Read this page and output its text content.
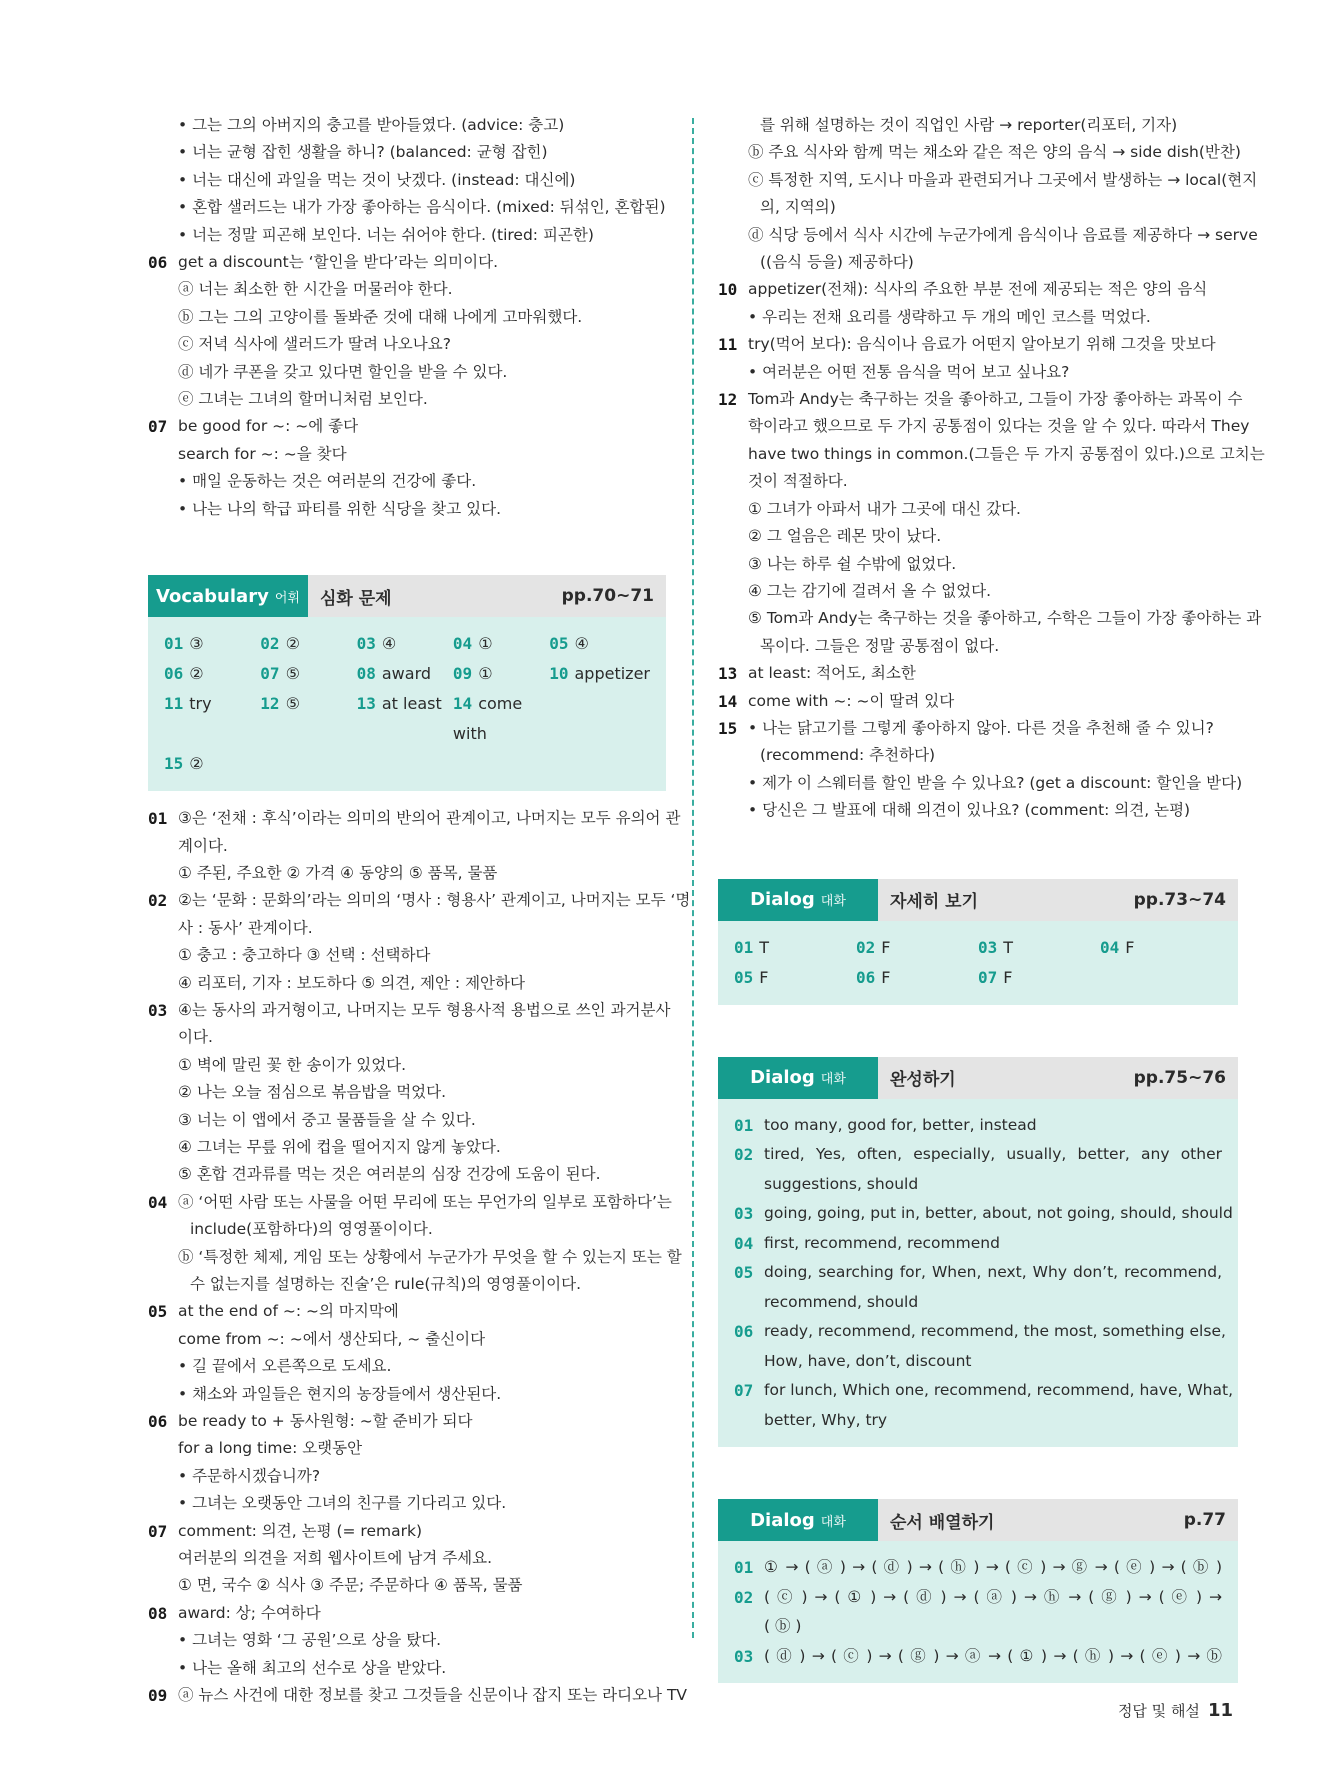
• 그는 그의 아버지의 충고를 받아들였다. (advice: 충고)
• 너는 균형 잡힌 생활을 하니? (balanced: 균형 잡힌)
• 너는 대신에 과일을 먹는 것이 낫겠다. (instead: 대신에)
• 혼합 샐러드는 내가 가장 좋아하는 음식이다. (mixed: 뒤섞인, 혼합된)
• 너는 정말 피곤해 보인다. 너는 쉬어야 한다. (tired: 피곤한)
06 get a discount는 ‘할인을 받다’라는 의미이다.
ⓐ 너는 최소한 한 시간을 머물러야 한다.
ⓑ 그는 그의 고양이를 돌봐준 것에 대해 나에게 고마워했다.
ⓒ 저녁 식사에 샐러드가 딸려 나오나요?
ⓓ 네가 쿠폰을 갖고 있다면 할인을 받을 수 있다.
ⓔ 그녀는 그녀의 할머니처럼 보인다.
07 be good for ~: ~에 좋다
search for ~: ~을 찾다
• 매일 운동하는 것은 여러분의 건강에 좋다.
• 나는 나의 학급 파티를 위한 식당을 찾고 있다.
Vocabulary 어휘 심화 문제	pp.70~71
01 ③	02 ②	03 ④	04 ①	05 ④
06 ②	07 ⑤	08 award	09 ①	10 appetizer
11 try	12 ⑤	13 at least 14 come with
15 ②
01 ③은 ‘전채 : 후식’이라는 의미의 반의어 관계이고, 나머지는 모두 유의어 관
계이다.
① 주된, 주요한 ② 가격 ④ 동양의 ⑤ 품목, 물품
02 ②는 ‘문화 : 문화의’라는 의미의 ‘명사 : 형용사’ 관계이고, 나머지는 모두 ‘명
사 : 동사’ 관계이다.
① 충고 : 충고하다 ③ 선택 : 선택하다
④ 리포터, 기자 : 보도하다 ⑤ 의견, 제안 : 제안하다
03 ④는 동사의 과거형이고, 나머지는 모두 형용사적 용법으로 쓰인 과거분사
이다.
① 벽에 말린 꽃 한 송이가 있었다.
② 나는 오늘 점심으로 볶음밥을 먹었다.
③ 너는 이 앱에서 중고 물품들을 살 수 있다.
④ 그녀는 무릎 위에 컵을 떨어지지 않게 놓았다.
⑤ 혼합 견과류를 먹는 것은 여러분의 심장 건강에 도움이 된다.
04 ⓐ ‘어떤 사람 또는 사물을 어떤 무리에 또는 무언가의 일부로 포함하다’는
include(포함하다)의 영영풀이이다.
ⓑ ‘특정한 체제, 게임 또는 상황에서 누군가가 무엇을 할 수 있는지 또는 할
수 없는지를 설명하는 진술’은 rule(규칙)의 영영풀이이다.
05 at the end of ~: ~의 마지막에
come from ~: ~에서 생산되다, ~ 출신이다
• 길 끝에서 오른쪽으로 도세요.
• 채소와 과일들은 현지의 농장들에서 생산된다.
06 be ready to + 동사원형: ~할 준비가 되다
for a long time: 오랫동안
• 주문하시겠습니까?
• 그녀는 오랫동안 그녀의 친구를 기다리고 있다.
07 comment: 의견, 논평 (= remark)
여러분의 의견을 저희 웹사이트에 남겨 주세요.
① 면, 국수 ② 식사 ③ 주문; 주문하다 ④ 품목, 물품
08 award: 상; 수여하다
• 그녀는 영화 ‘그 공원’으로 상을 탔다.
• 나는 올해 최고의 선수로 상을 받았다.
09 ⓐ 뉴스 사건에 대한 정보를 찾고 그것들을 신문이나 잡지 또는 라디오나 TV
를 위해 설명하는 것이 직업인 사람 → reporter(리포터, 기자)
ⓑ 주요 식사와 함께 먹는 채소와 같은 적은 양의 음식 → side dish(반찬)
ⓒ 특정한 지역, 도시나 마을과 관련되거나 그곳에서 발생하는 → local(현지
의, 지역의)
ⓓ 식당 등에서 식사 시간에 누군가에게 음식이나 음료를 제공하다 → serve
((음식 등을) 제공하다)
10 appetizer(전채): 식사의 주요한 부분 전에 제공되는 적은 양의 음식
• 우리는 전채 요리를 생략하고 두 개의 메인 코스를 먹었다.
11 try(먹어 보다): 음식이나 음료가 어떤지 알아보기 위해 그것을 맛보다
• 여러분은 어떤 전통 음식을 먹어 보고 싶나요?
12 Tom과 Andy는 축구하는 것을 좋아하고, 그들이 가장 좋아하는 과목이 수
학이라고 했으므로 두 가지 공통점이 있다는 것을 알 수 있다. 따라서 They
have two things in common.(그들은 두 가지 공통점이 있다.)으로 고치는
것이 적절하다.
① 그녀가 아파서 내가 그곳에 대신 갔다.
② 그 얼음은 레몬 맛이 났다.
③ 나는 하루 쉴 수밖에 없었다.
④ 그는 감기에 걸려서 올 수 없었다.
⑤ Tom과 Andy는 축구하는 것을 좋아하고, 수학은 그들이 가장 좋아하는 과
목이다. 그들은 정말 공통점이 없다.
13 at least: 적어도, 최소한
14 come with ~: ~이 딸려 있다
15 • 나는 닭고기를 그렇게 좋아하지 않아. 다른 것을 추천해 줄 수 있니?
(recommend: 추천하다)
• 제가 이 스웨터를 할인 받을 수 있나요? (get a discount: 할인을 받다)
• 당신은 그 발표에 대해 의견이 있나요? (comment: 의견, 논평)
Dialog 대화	자세히 보기	pp.73~74
01 T	02 F	03 T	04 F
05 F	06 F	07 F
Dialog 대화	완성하기	pp.75~76
01 too many, good for, better, instead
02 tired, Yes, often, especially, usually, better, any other
suggestions, should
03 going, going, put in, better, about, not going, should, should
04 first, recommend, recommend
05 doing, searching for, When, next, Why don’t, recommend,
recommend, should
06 ready, recommend, recommend, the most, something else,
How, have, don’t, discount
07 for lunch, Which one, recommend, recommend, have, What,
better, Why, try
Dialog 대화	순서 배열하기	p.77
01 ① → ( ⓐ ) → ( ⓓ ) → ( ⓗ ) → ( ⓒ ) → ⓖ → ( ⓔ ) → ( ⓑ )
02 ( ⓒ ) → ( ① ) → ( ⓓ ) → ( ⓐ ) → ⓗ → ( ⓖ ) → ( ⓔ ) →
( ⓑ )
03 ( ⓓ ) → ( ⓒ ) → ( ⓖ ) → ⓐ → ( ① ) → ( ⓗ ) → ( ⓔ ) → ⓑ
정답 및 해설 11
